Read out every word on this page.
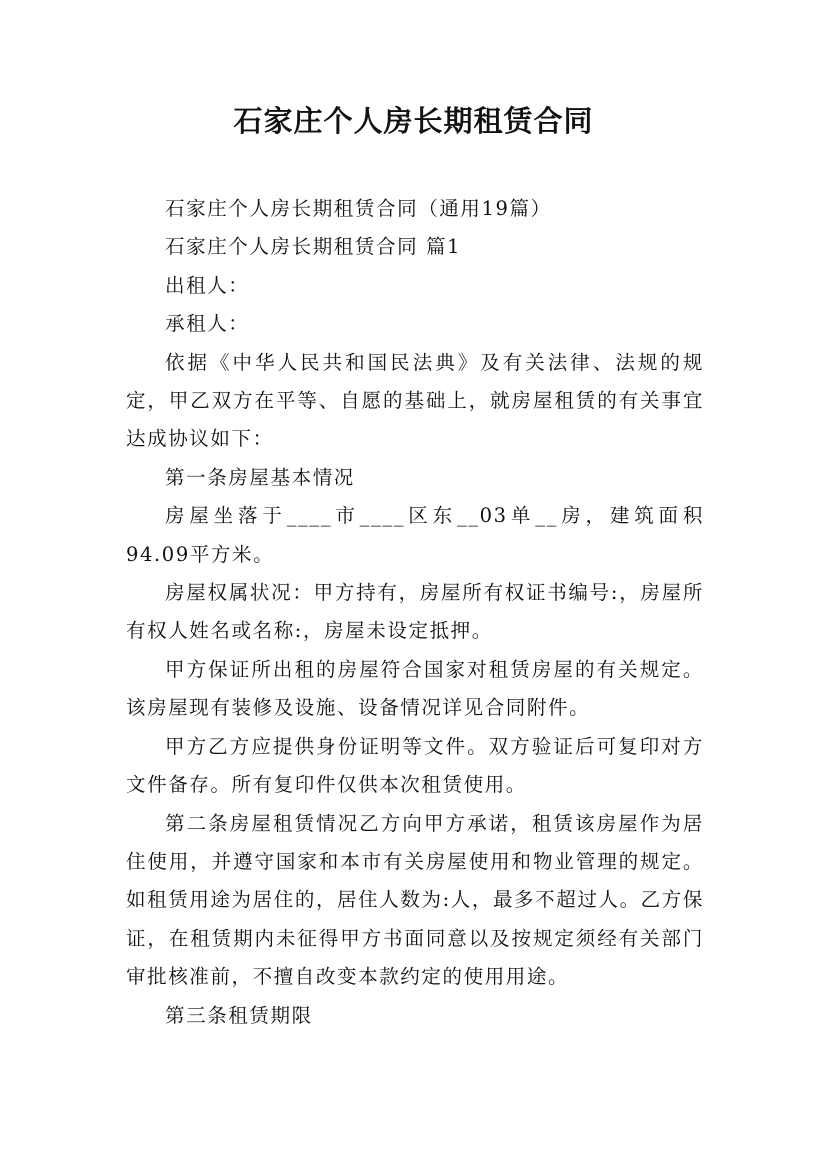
石家庄个人房长期租赁合同

石家庄个人房长期租赁合同（通用19篇）

石家庄个人房长期租赁合同 篇1

出租人：

承租人：

依据《中华人民共和国民法典》及有关法律、法规的规定，甲乙双方在平等、自愿的基础上，就房屋租赁的有关事宜达成协议如下：

第一条房屋基本情况

房屋坐落于____市____区东__03单__房，建筑面积94.09平方米。

房屋权属状况：甲方持有，房屋所有权证书编号:，房屋所有权人姓名或名称:，房屋未设定抵押。

甲方保证所出租的房屋符合国家对租赁房屋的有关规定。该房屋现有装修及设施、设备情况详见合同附件。

甲方乙方应提供身份证明等文件。双方验证后可复印对方文件备存。所有复印件仅供本次租赁使用。

第二条房屋租赁情况乙方向甲方承诺，租赁该房屋作为居住使用，并遵守国家和本市有关房屋使用和物业管理的规定。如租赁用途为居住的，居住人数为:人，最多不超过人。乙方保证，在租赁期内未征得甲方书面同意以及按规定须经有关部门审批核准前，不擅自改变本款约定的使用用途。

第三条租赁期限
